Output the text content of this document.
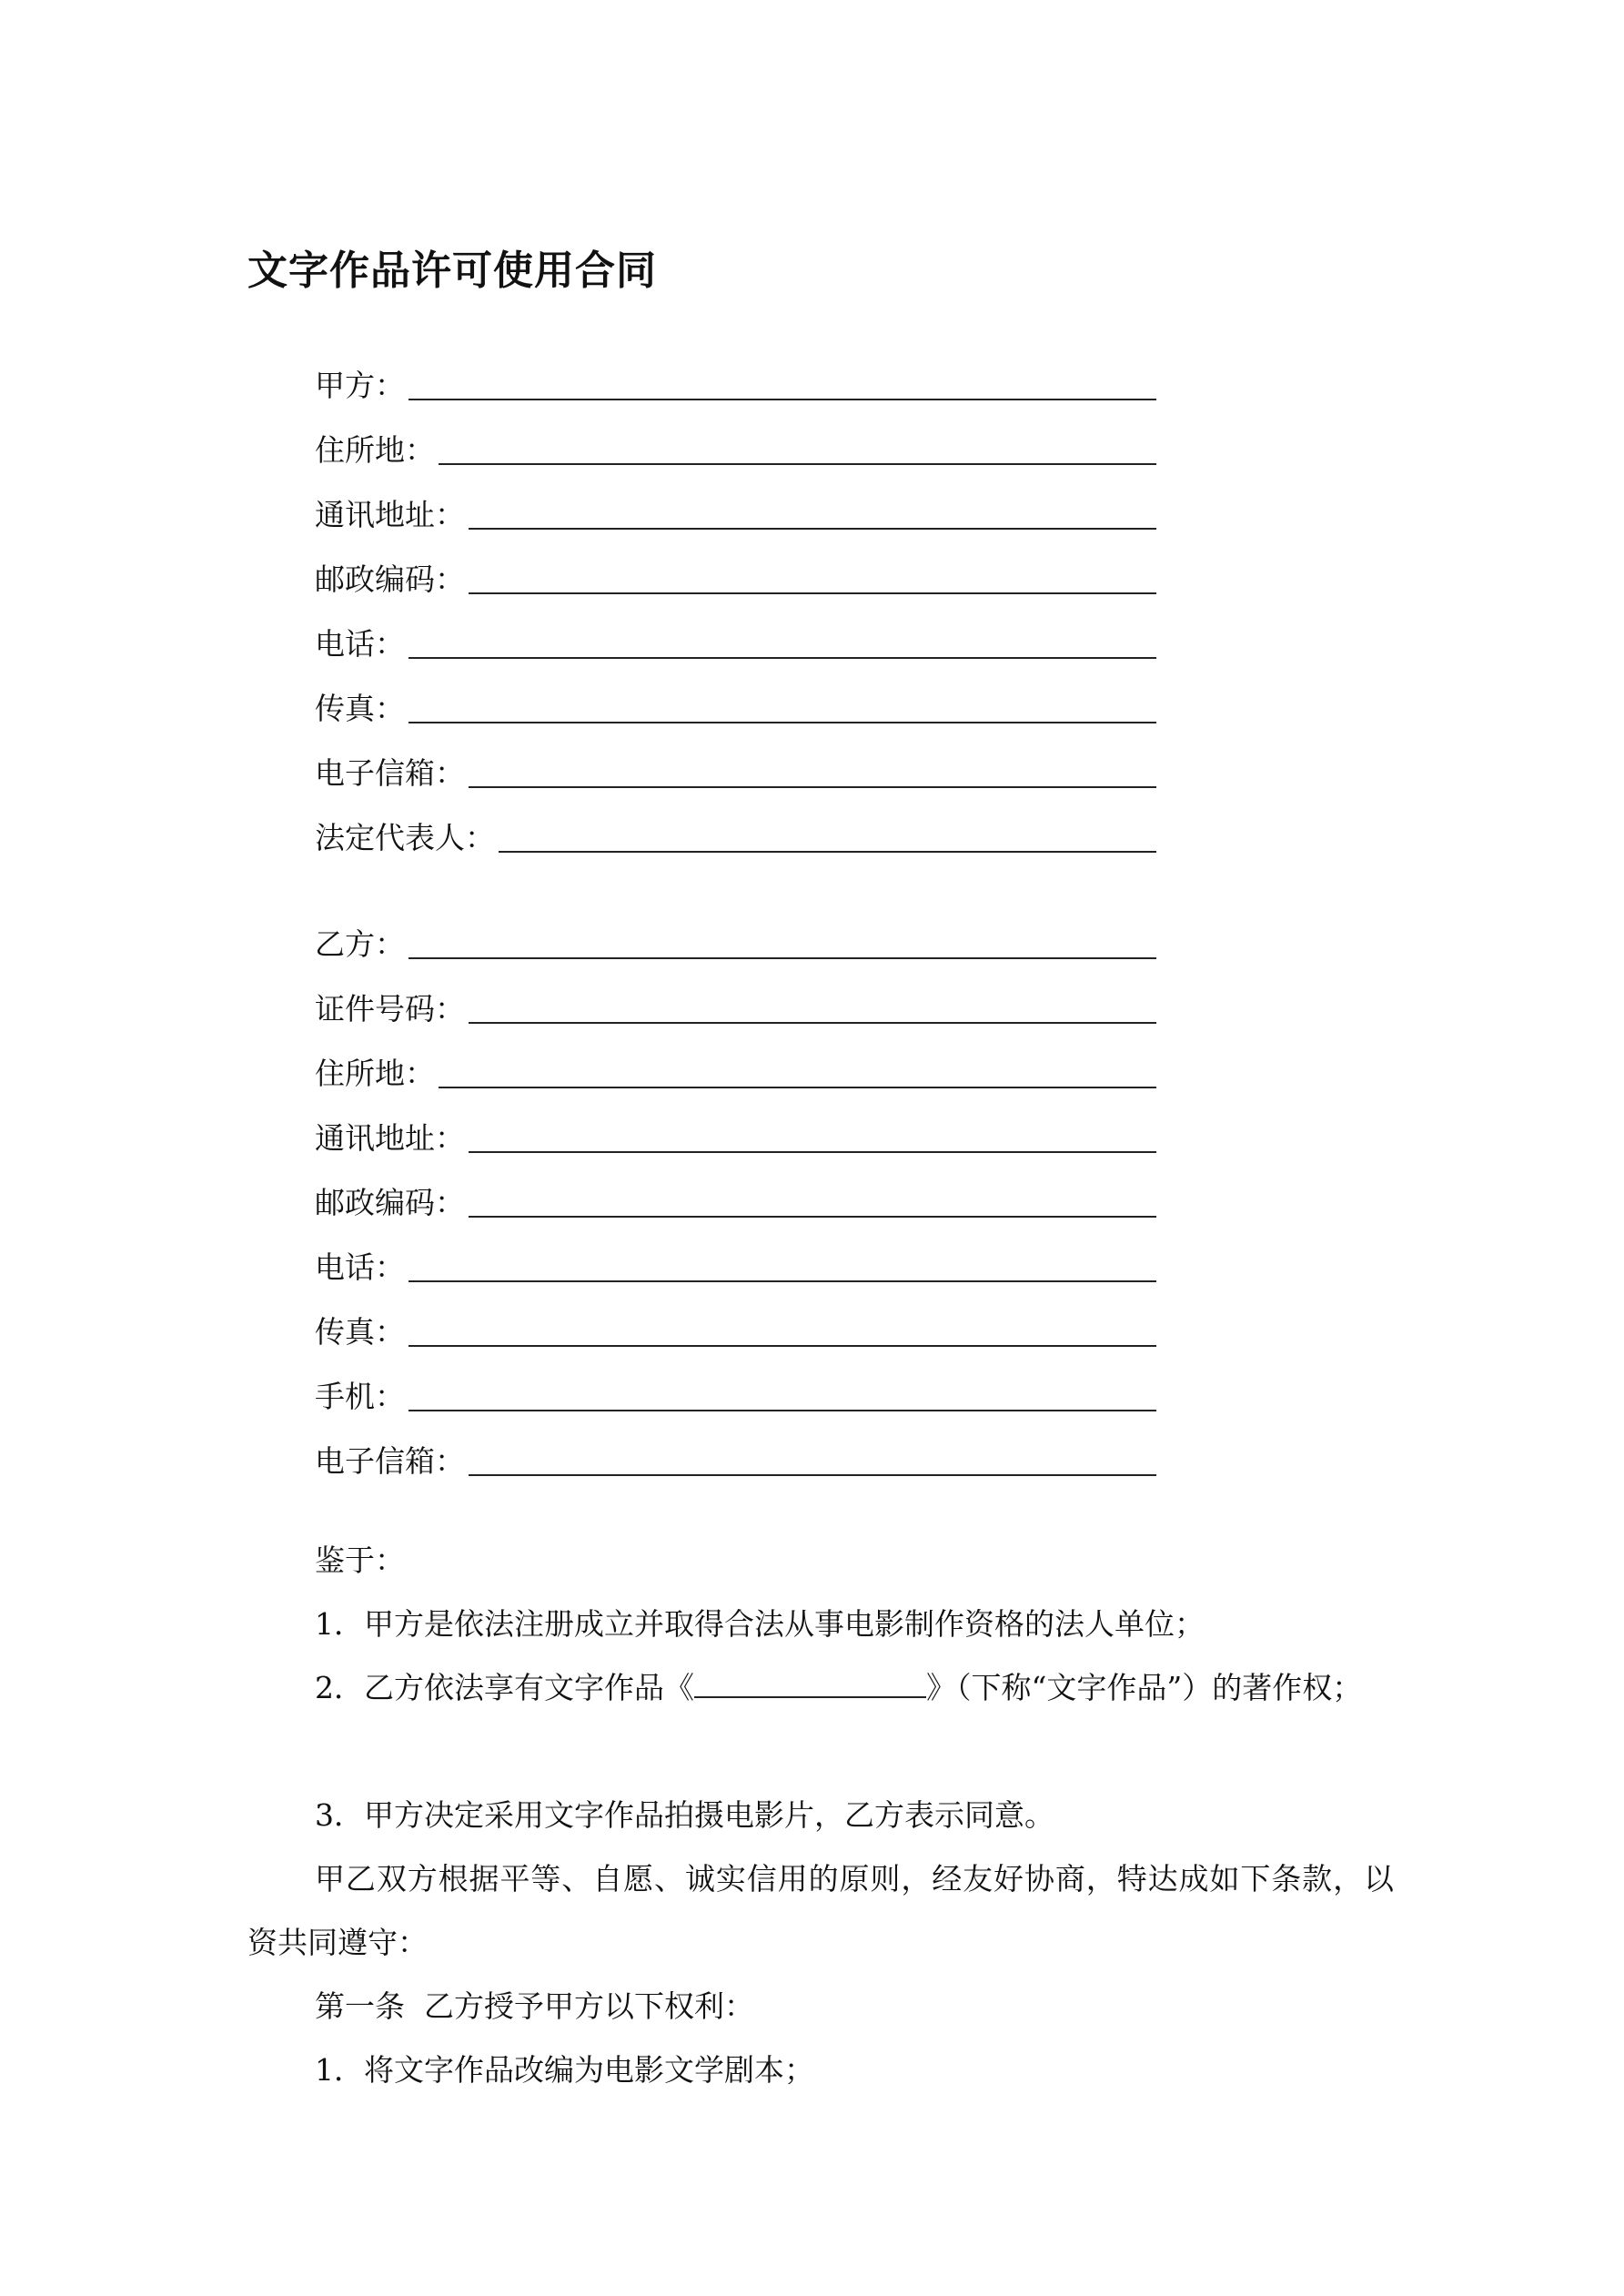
文字作品许可使用合同
甲方：
住所地：
通讯地址：
邮政编码：
电话：
传真：
电子信箱：
法定代表人：
乙方：
证件号码：
住所地：
通讯地址：
邮政编码：
电话：
传真：
手机：
电子信箱：
鉴于：
1．甲方是依法注册成立并取得合法从事电影制作资格的法人单位；
2．乙方依法享有文字作品《	》（下称“文字作品”）的著作权；
3．甲方决定采用文字作品拍摄电影片，乙方表示同意。
甲乙双方根据平等、自愿、诚实信用的原则，经友好协商，特达成如下条款，以资共同遵守：
第一条  乙方授予甲方以下权利：
1．将文字作品改编为电影文学剧本；
